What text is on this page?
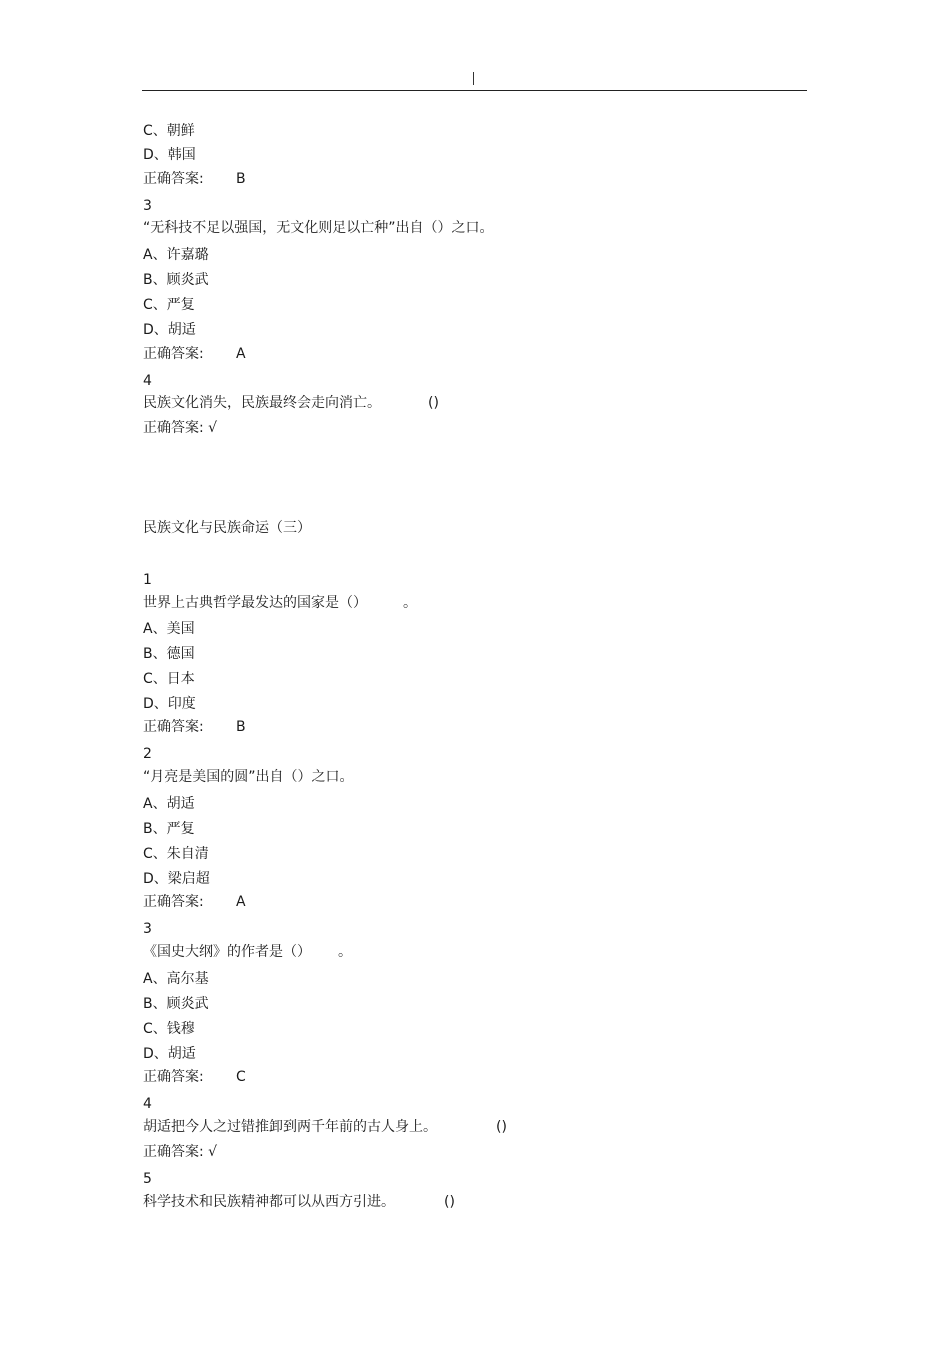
C、朝鲜
D、韩国
正确答案: B
3
“无科技不足以强国，无文化则足以亡种”出自（）之口。
A、许嘉璐
B、顾炎武
C、严复
D、胡适
正确答案: A
4
民族文化消失，民族最终会走向消亡。	()
正确答案: √
民族文化与民族命运（三）
1
世界上古典哲学最发达的国家是（）	。
A、美国
B、德国
C、日本
D、印度
正确答案: B
2
“月亮是美国的圆”出自（）之口。
A、胡适
B、严复
C、朱自清
D、梁启超
正确答案: A
3
《国史大纲》的作者是（） 。
A、高尔基
B、顾炎武
C、钱穆
D、胡适
正确答案: C
4
胡适把今人之过错推卸到两千年前的古人身上。	()
正确答案: √
5
科学技术和民族精神都可以从西方引进。	()
